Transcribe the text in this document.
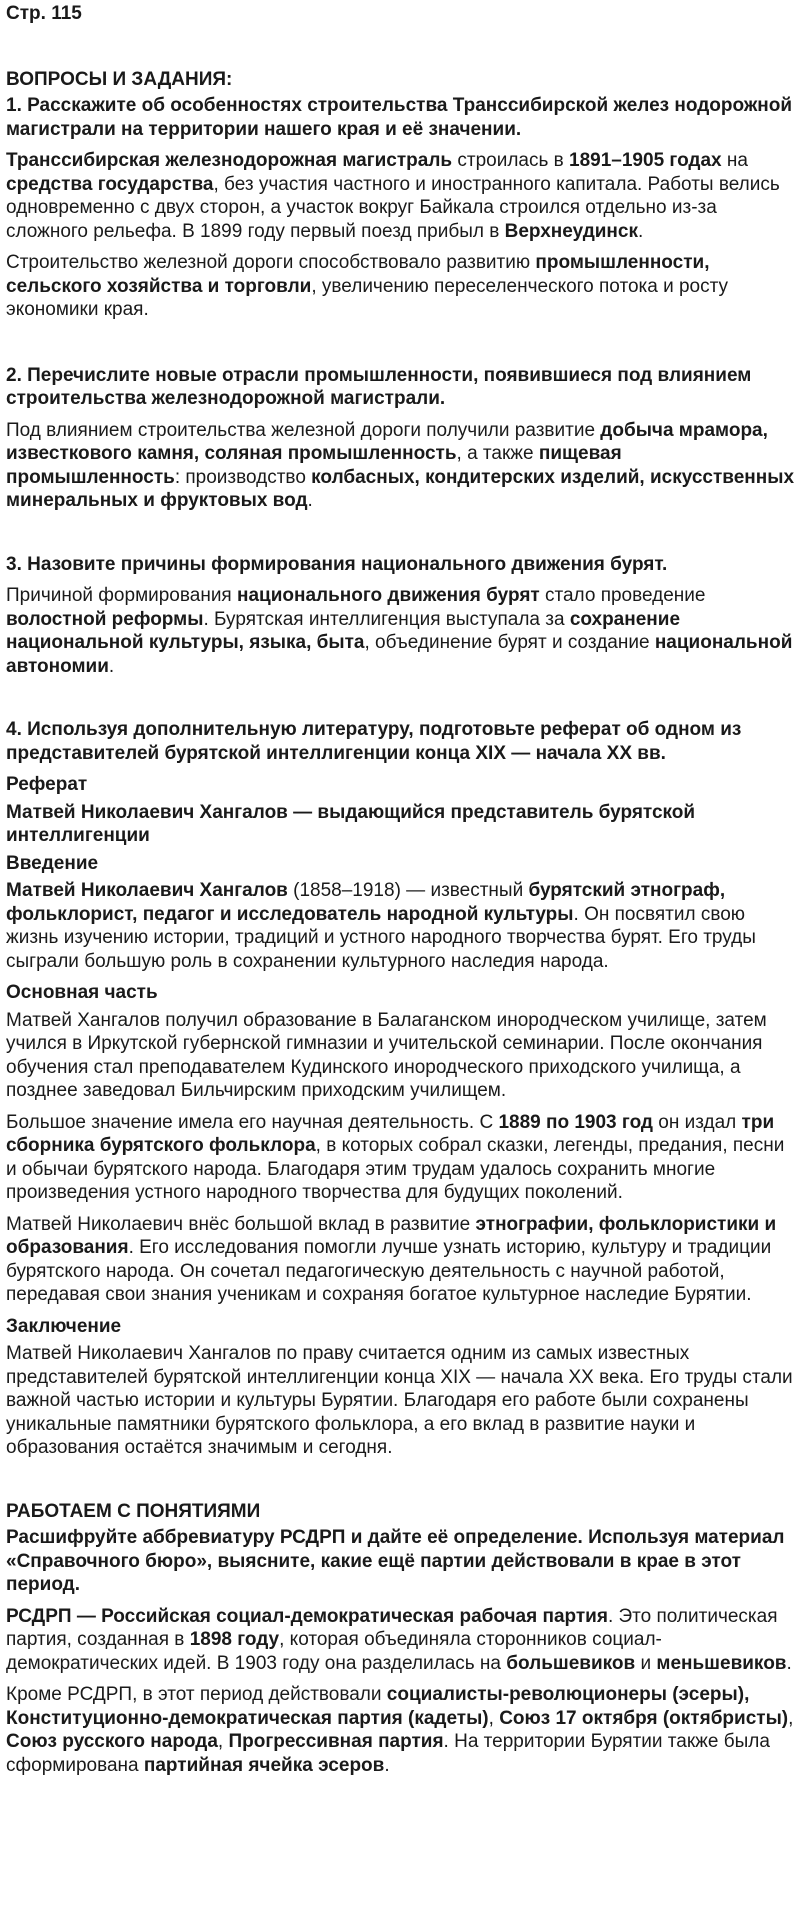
Стр. 115
ВОПРОСЫ И ЗАДАНИЯ:
1. Расскажите об особенностях строительства Транссибирской желез нодорожной магистрали на территории нашего края и её значении.

Транссибирская железнодорожная магистраль строилась в 1891–1905 годах на средства государства, без участия частного и иностранного капитала. Работы велись одновременно с двух сторон, а участок вокруг Байкала строился отдельно из-за сложного рельефа. В 1899 году первый поезд прибыл в Верхнеудинск.

Строительство железной дороги способствовало развитию промышленности, сельского хозяйства и торговли, увеличению переселенческого потока и росту экономики края.

2. Перечислите новые отрасли промышленности, появившиеся под влиянием строительства железнодорожной магистрали.

Под влиянием строительства железной дороги получили развитие добыча мрамора, известкового камня, соляная промышленность, а также пищевая промышленность: производство колбасных, кондитерских изделий, искусственных минеральных и фруктовых вод.

3. Назовите причины формирования национального движения бурят.

Причиной формирования национального движения бурят стало проведение волостной реформы. Бурятская интеллигенция выступала за сохранение национальной культуры, языка, быта, объединение бурят и создание национальной автономии.

4. Используя дополнительную литературу, подготовьте реферат об одном из представителей бурятской интеллигенции конца XIX — начала XX вв.
Реферат
Матвей Николаевич Хангалов — выдающийся представитель бурятской интеллигенции
Введение

Матвей Николаевич Хангалов (1858–1918) — известный бурятский этнограф, фольклорист, педагог и исследователь народной культуры. Он посвятил свою жизнь изучению истории, традиций и устного народного творчества бурят. Его труды сыграли большую роль в сохранении культурного наследия народа.

Основная часть

Матвей Хангалов получил образование в Балаганском инородческом училище, затем учился в Иркутской губернской гимназии и учительской семинарии. После окончания обучения стал преподавателем Кудинского инородческого приходского училища, а позднее заведовал Бильчирским приходским училищем.

Большое значение имела его научная деятельность. С 1889 по 1903 год он издал три сборника бурятского фольклора, в которых собрал сказки, легенды, предания, песни и обычаи бурятского народа. Благодаря этим трудам удалось сохранить многие произведения устного народного творчества для будущих поколений.

Матвей Николаевич внёс большой вклад в развитие этнографии, фольклористики и образования. Его исследования помогли лучше узнать историю, культуру и традиции бурятского народа. Он сочетал педагогическую деятельность с научной работой, передавая свои знания ученикам и сохраняя богатое культурное наследие Бурятии.

Заключение

Матвей Николаевич Хангалов по праву считается одним из самых известных представителей бурятской интеллигенции конца XIX — начала XX века. Его труды стали важной частью истории и культуры Бурятии. Благодаря его работе были сохранены уникальные памятники бурятского фольклора, а его вклад в развитие науки и образования остаётся значимым и сегодня.

РАБОТАЕМ С ПОНЯТИЯМИ
Расшифруйте аббревиатуру РСДРП и дайте её определение. Используя материал «Справочного бюро», выясните, какие ещё партии действовали в крае в этот период.

РСДРП — Российская социал-демократическая рабочая партия. Это политическая партия, созданная в 1898 году, которая объединяла сторонников социал-демократических идей. В 1903 году она разделилась на большевиков и меньшевиков.

Кроме РСДРП, в этот период действовали социалисты-революционеры (эсеры), Конституционно-демократическая партия (кадеты), Союз 17 октября (октябристы), Союз русского народа, Прогрессивная партия. На территории Бурятии также была сформирована партийная ячейка эсеров.
